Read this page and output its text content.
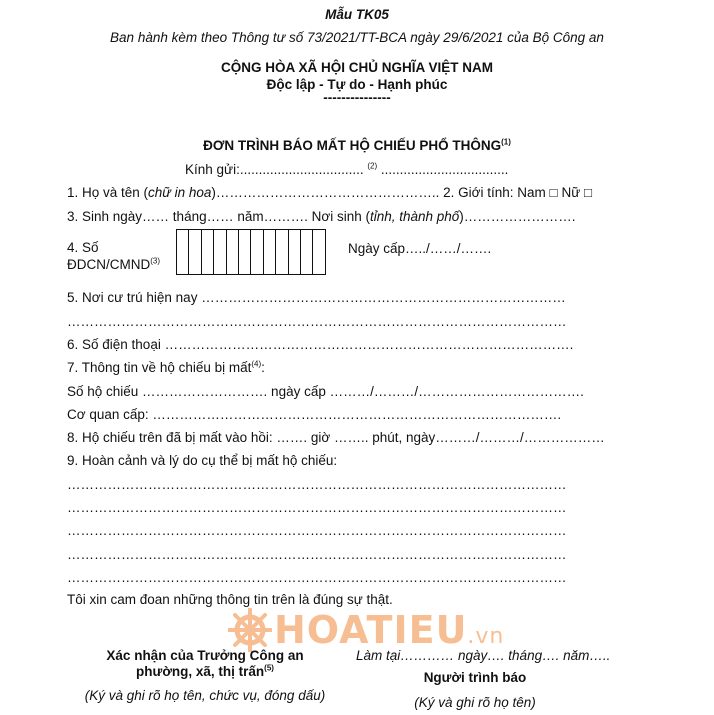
Mẫu TK05
Ban hành kèm theo Thông tư số 73/2021/TT-BCA ngày 29/6/2021 của Bộ Công an
CỘNG HÒA XÃ HỘI CHỦ NGHĨA VIỆT NAM
Độc lập - Tự do - Hạnh phúc
---------------
ĐƠN TRÌNH BÁO MẤT HỘ CHIẾU PHỔ THÔNG$^{(1)}$
Kính gửi:................................. $^{(2)}$ ..................................
1. Họ và tên (chữ in hoa)………………………………………….. 2. Giới tính: Nam □ Nữ □
3. Sinh ngày…… tháng…… năm………. Nơi sinh (tỉnh, thành phố)…………………….
4. Số
ĐDCN/CMND$^{(3)}$
Ngày cấp…../……/…….
5. Nơi cư trú hiện nay ………………………………………………………………………
…………………………………………………………………………………………………
6. Số điện thoại ……………………………………………………………………………….
7. Thông tin về hộ chiếu bị mất$^{(4)}$:
Số hộ chiếu ………………………. ngày cấp ………/………/……………………………….
Cơ quan cấp: ……………………………………………………………………………….
8. Hộ chiếu trên đã bị mất vào hồi: ……. giờ …….. phút, ngày………/………/………………
9. Hoàn cảnh và lý do cụ thể bị mất hộ chiếu:
…………………………………………………………………………………………………
…………………………………………………………………………………………………
…………………………………………………………………………………………………
…………………………………………………………………………………………………
…………………………………………………………………………………………………
Tôi xin cam đoan những thông tin trên là đúng sự thật.
HOATIEU.vn
Xác nhận của Trưởng Công an
phường, xã, thị trấn$^{(5)}$
(Ký và ghi rõ họ tên, chức vụ, đóng dấu)
Làm tại………… ngày…. tháng…. năm…..
Người trình báo
(Ký và ghi rõ họ tên)
